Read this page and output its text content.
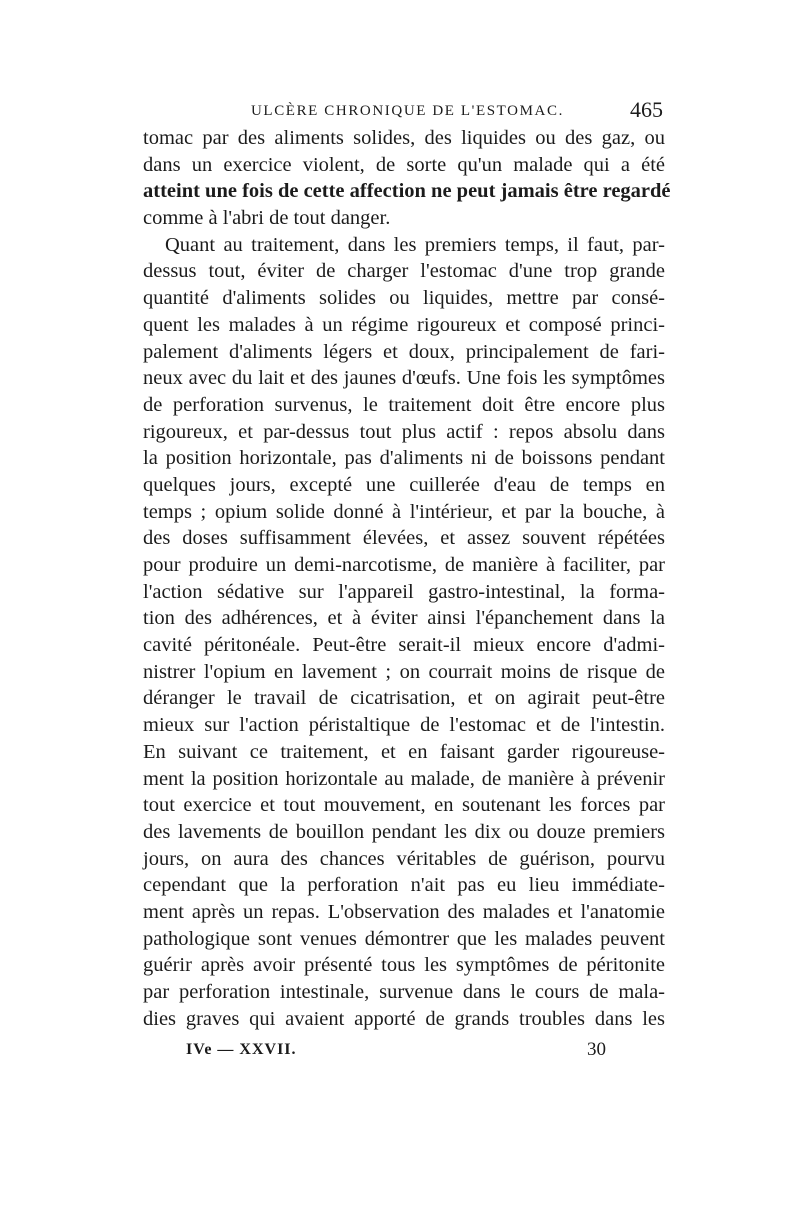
ULCÈRE CHRONIQUE DE L'ESTOMAC.	465
tomac par des aliments solides, des liquides ou des gaz, ou
dans un exercice violent, de sorte qu'un malade qui a été
atteint une fois de cette affection ne peut jamais être regardé
comme à l'abri de tout danger.
Quant au traitement, dans les premiers temps, il faut, par-
dessus tout, éviter de charger l'estomac d'une trop grande
quantité d'aliments solides ou liquides, mettre par consé-
quent les malades à un régime rigoureux et composé princi-
palement d'aliments légers et doux, principalement de fari-
neux avec du lait et des jaunes d'œufs. Une fois les symptômes
de perforation survenus, le traitement doit être encore plus
rigoureux, et par-dessus tout plus actif : repos absolu dans
la position horizontale, pas d'aliments ni de boissons pendant
quelques jours, excepté une cuillerée d'eau de temps en
temps ; opium solide donné à l'intérieur, et par la bouche, à
des doses suffisamment élevées, et assez souvent répétées
pour produire un demi-narcotisme, de manière à faciliter, par
l'action sédative sur l'appareil gastro-intestinal, la forma-
tion des adhérences, et à éviter ainsi l'épanchement dans la
cavité péritonéale. Peut-être serait-il mieux encore d'admi-
nistrer l'opium en lavement ; on courrait moins de risque de
déranger le travail de cicatrisation, et on agirait peut-être
mieux sur l'action péristaltique de l'estomac et de l'intestin.
En suivant ce traitement, et en faisant garder rigoureuse-
ment la position horizontale au malade, de manière à prévenir
tout exercice et tout mouvement, en soutenant les forces par
des lavements de bouillon pendant les dix ou douze premiers
jours, on aura des chances véritables de guérison, pourvu
cependant que la perforation n'ait pas eu lieu immédiate-
ment après un repas. L'observation des malades et l'anatomie
pathologique sont venues démontrer que les malades peuvent
guérir après avoir présenté tous les symptômes de péritonite
par perforation intestinale, survenue dans le cours de mala-
dies graves qui avaient apporté de grands troubles dans les
IVe — XXVII.	30
